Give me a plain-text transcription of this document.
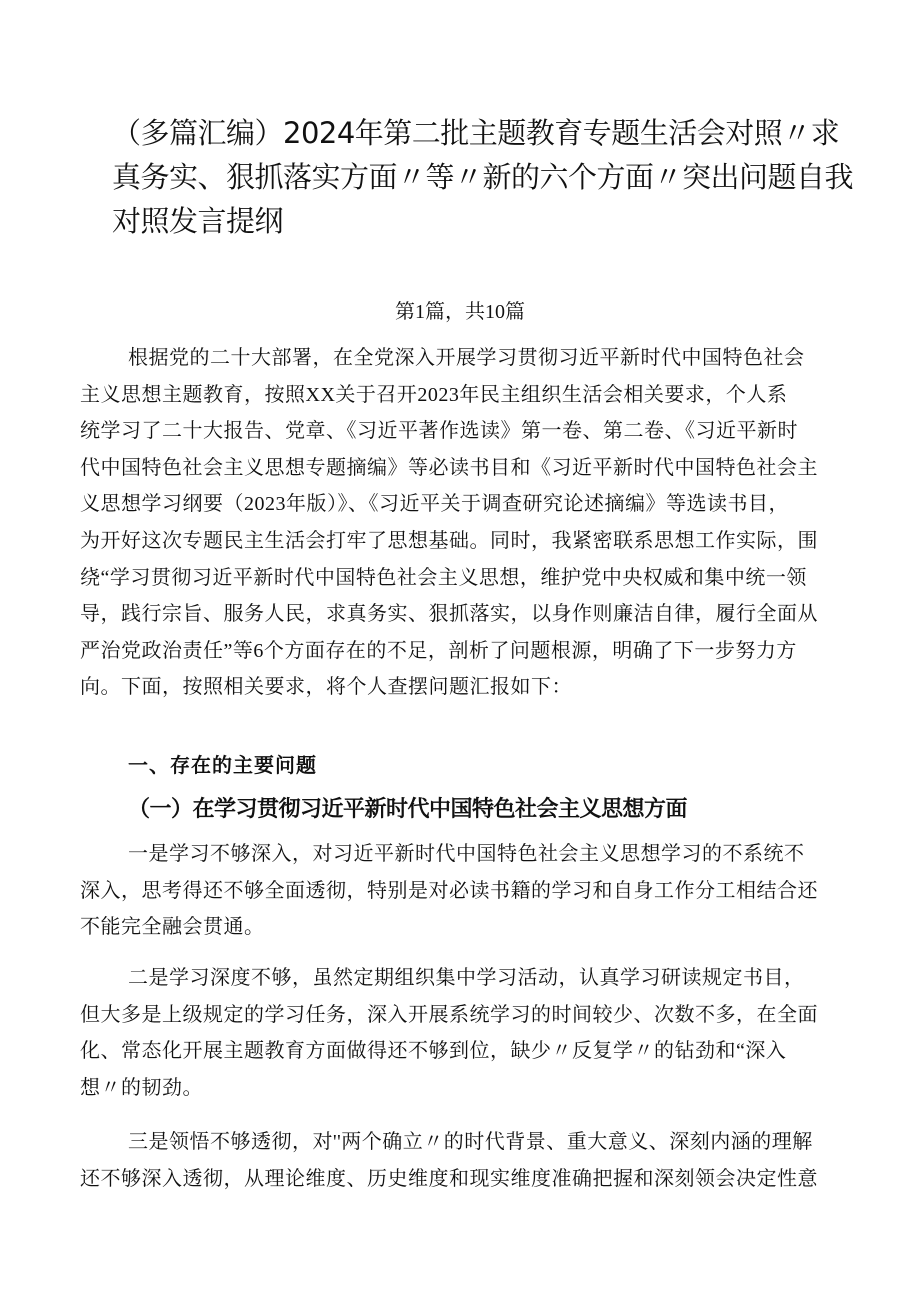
（多篇汇编）2024年第二批主题教育专题生活会对照〃求
真务实、狠抓落实方面〃等〃新的六个方面〃突出问题自我
对照发言提纲
第1篇，共10篇

根据党的二十大部署，在全党深入开展学习贯彻习近平新时代中国特色社会
主义思想主题教育，按照XX关于召开2023年民主组织生活会相关要求，个人系
统学习了二十大报告、党章、《习近平著作选读》第一卷、第二卷、《习近平新时
代中国特色社会主义思想专题摘编》等必读书目和《习近平新时代中国特色社会主
义思想学习纲要（2023年版）》、《习近平关于调查研究论述摘编》等选读书目，
为开好这次专题民主生活会打牢了思想基础。同时，我紧密联系思想工作实际，围
绕“学习贯彻习近平新时代中国特色社会主义思想，维护党中央权威和集中统一领
导，践行宗旨、服务人民，求真务实、狠抓落实，以身作则廉洁自律，履行全面从
严治党政治责任”等6个方面存在的不足，剖析了问题根源，明确了下一步努力方
向。下面，按照相关要求，将个人查摆问题汇报如下：

一、存在的主要问题
（一）在学习贯彻习近平新时代中国特色社会主义思想方面

一是学习不够深入，对习近平新时代中国特色社会主义思想学习的不系统不
深入，思考得还不够全面透彻，特别是对必读书籍的学习和自身工作分工相结合还
不能完全融会贯通。

二是学习深度不够，虽然定期组织集中学习活动，认真学习研读规定书目，
但大多是上级规定的学习任务，深入开展系统学习的时间较少、次数不多，在全面
化、常态化开展主题教育方面做得还不够到位，缺少〃反复学〃的钻劲和“深入
想〃的韧劲。

三是领悟不够透彻，对''两个确立〃的时代背景、重大意义、深刻内涵的理解
还不够深入透彻，从理论维度、历史维度和现实维度准确把握和深刻领会决定性意
